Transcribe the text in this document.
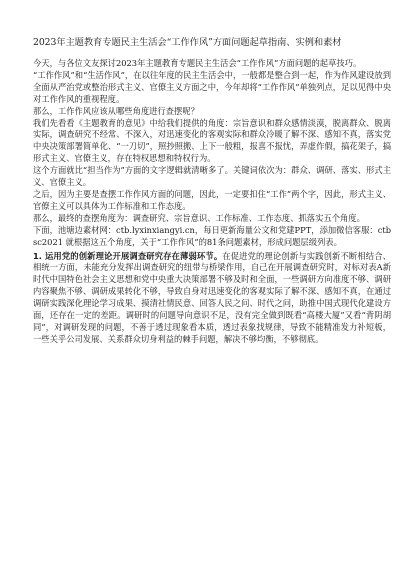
2023年主题教育专题民主生活会“工作作风”方面问题起草指南、实例和素材

今天，与各位文友探讨2023年主题教育专题民主生活会“工作作风”方面问题的起草技巧。

“工作作风”和“生活作风”，在以往年度的民主生活会中，一般都是整合到一起，作为作风建设放到全面从严治党或整治形式主义、官僚主义方面之中，今年却将“工作作风”单独列点，足以见得中央对工作作风的重视程度。

那么，工作作风应该从哪些角度进行查摆呢？

我们先看看《主题教育的意见》中给我们提供的角度：宗旨意识和群众感情淡漠，脱离群众、脱离实际，调查研究不经常、不深入，对迅速变化的客观实际和群众冷暖了解不深、感知不真，落实党中央决策部署简单化、“一刀切”，照抄照搬、上下一般粗，报喜不报忧，弄虚作假，搞花架子，搞形式主义、官僚主义，存在特权思想和特权行为。

这个方面就比“担当作为”方面的文字逻辑就清晰多了。关键词依次为：群众、调研、落实、形式主义、官僚主义。

之后，因为主要是查摆工作作风方面的问题，因此，一定要扣住“工作”两个字，因此，形式主义、官僚主义可以具体为工作标准和工作态度。

那么，最终的查摆角度为：调查研究、宗旨意识、工作标准、工作态度、抓落实五个角度。

下面，池塘边素材网：ctb.lyxinxiangyi.cn，每日更新海量公文和党建PPT，添加微信客服：ctbsc2021 就根据这五个角度，关于“工作作风”的81条问题素材，形成问题层级列表。

1. 运用党的创新理论开展调查研究存在薄弱环节。在促进党的理论创新与实践创新不断相结合、相统一方面，未能充分发挥出调查研究的纽带与桥梁作用，自己在开展调查研究时，对标对表A新时代中国特色社会主义思想和党中央重大决策部署不够及时和全面，一些调研方向准度不够、调研内容聚焦不够、调研成果转化不够，导致自身对迅速变化的客观实际了解不深、感知不真，在通过调研实践深化理论学习成果、摸清社情民意、回答人民之问、时代之问，助推中国式现代化建设方面，还存在一定的差距。调研时的问题导向意识不足，没有完全做到既看“高楼大厦”又看“背阴胡同”，对调研发现的问题，不善于透过现象看本质，透过表象找规律，导致不能精准发力补短板，一些关乎公司发展、关系群众切身利益的棘手问题，解决不够均衡，不够彻底。
